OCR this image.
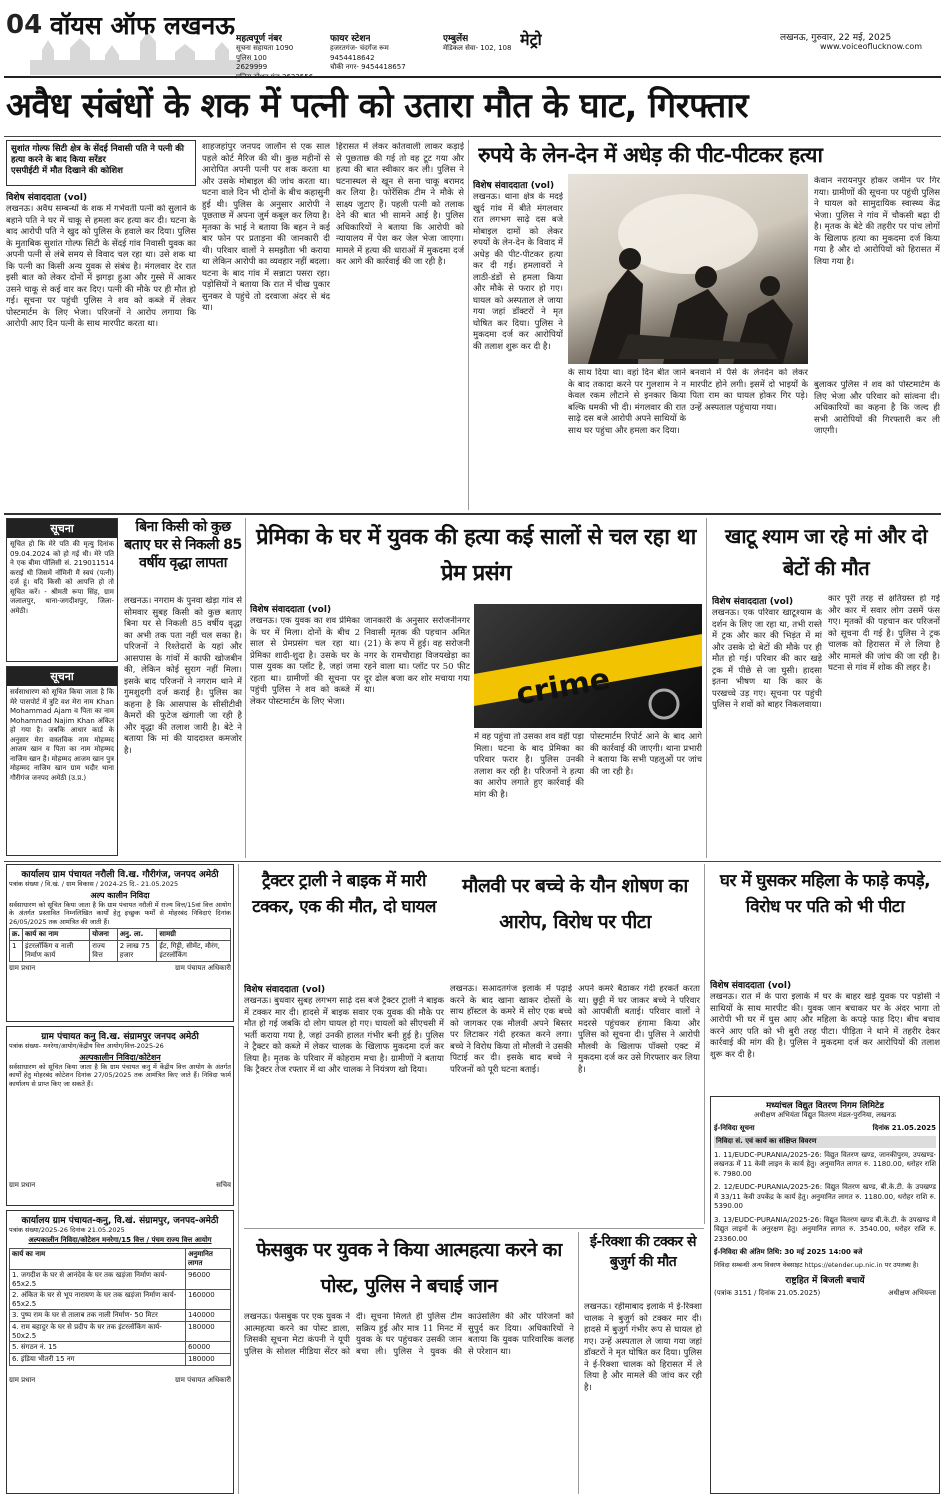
04 वॉयस ऑफ लखनऊ महत्वपूर्ण नंबर
सूचना सहायता 1090
पुलिस 100
2629999
फायर स्टेशन
हजरतगंज- चंदगेंज रूम
9454418642
चौकी नगर- 9454418657
एम्बुलेंस
मेडिकल सेवा- 102, 108 मेट्रो	लखनऊ, गुरुवार, 22 मई, 2025
www.voiceoflucknow.com
अवैध संबंधों के शक में पत्नी को उतारा मौत के घाट, गिरफ्तार
सुशांत गोल्फ सिटी क्षेत्र के सेंदई निवासी पति ने पत्नी की हत्या करने के बाद किया सरेंडर
एसपीईटी में मौत दिखाने की कोशिश
विशेष संवाददाता (vol)
लखनऊ। अवैध सम्बन्धों के शक में गर्भवती पत्नी को सुलाने के बहाने पति ने घर में चाकू से हमला कर हत्या कर दी। घटना के बाद आरोपी पति ने खुद को पुलिस के हवाले कर दिया। पुलिस के मुताबिक सुशांत गोल्फ सिटी के सेंदई गांव निवासी युवक का अपनी पत्नी से लंबे समय से विवाद चल रहा था। उसे शक था कि पत्नी का किसी अन्य युवक से संबंध है। मंगलवार देर रात इसी बात को लेकर दोनों में झगड़ा हुआ और गुस्से में आकर उसने चाकू से कई वार कर दिए। पत्नी की मौके पर ही मौत हो गई। सूचना पर पहुंची पुलिस ने शव को कब्जे में लेकर पोस्टमार्टम के लिए भेजा। परिजनों ने आरोप लगाया कि आरोपी आए दिन पत्नी के साथ मारपीट करता था।
शाहजहांपुर जनपद जालौन से एक साल पहले कोर्ट मैरिज की थी। कुछ महीनों से आरोपित अपनी पत्नी पर शक करता था और उसके मोबाइल की जांच करता था। घटना वाले दिन भी दोनों के बीच कहासुनी हुई थी। पुलिस के अनुसार आरोपी ने पूछताछ में अपना जुर्म कबूल कर लिया है। मृतका के भाई ने बताया कि बहन ने कई बार फोन पर प्रताड़ना की जानकारी दी थी। परिवार वालों ने समझौता भी कराया था लेकिन आरोपी का व्यवहार नहीं बदला। घटना के बाद गांव में सन्नाटा पसरा रहा। पड़ोसियों ने बताया कि रात में चीख पुकार सुनकर वे पहुंचे तो दरवाजा अंदर से बंद था।
हिरासत में लेकर कोतवाली लाकर कड़ाई से पूछताछ की गई तो वह टूट गया और हत्या की बात स्वीकार कर ली। पुलिस ने घटनास्थल से खून से सना चाकू बरामद कर लिया है। फोरेंसिक टीम ने मौके से साक्ष्य जुटाए हैं। पहली पत्नी को तलाक देने की बात भी सामने आई है। पुलिस अधिकारियों ने बताया कि आरोपी को न्यायालय में पेश कर जेल भेजा जाएगा। मामले में हत्या की धाराओं में मुकदमा दर्ज कर आगे की कार्रवाई की जा रही है।
रुपये के लेन-देन में अधेड़ की पीट-पीटकर हत्या
विशेष संवाददाता (vol)
लखनऊ। थाना क्षेत्र के मदई खुर्द गांव में बीते मंगलवार रात लगभग साढ़े दस बजे मोबाइल दामों को लेकर रुपयों के लेन-देन के विवाद में अधेड़ की पीट-पीटकर हत्या कर दी गई। हमलावरों ने लाठी-डंडों से हमला किया और मौके से फरार हो गए। घायल को अस्पताल ले जाया गया जहां डॉक्टरों ने मृत घोषित कर दिया। पुलिस ने मुकदमा दर्ज कर आरोपियों की तलाश शुरू कर दी है।
के साथ दिया था। वहां दिन बीत जाने के बाद तकादा करने पर गुलशाम ने न केवल रकम लौटाने से इनकार किया बल्कि धमकी भी दी। मंगलवार की रात साढ़े दस बजे आरोपी अपने साथियों के साथ घर पहुंचा और हमला कर दिया।
बनवाने में पैसे के लेनदेन को लेकर मारपीट होने लगी। इसमें दो भाइयों के पिता राम का घायल होकर गिर पड़े। उन्हें अस्पताल पहुंचाया गया।
केवान नरायनपुर होकर जमीन पर गिर गया। ग्रामीणों की सूचना पर पहुंची पुलिस ने घायल को सामुदायिक स्वास्थ्य केंद्र भेजा। पुलिस ने गांव में चौकसी बढ़ा दी है। मृतक के बेटे की तहरीर पर पांच लोगों के खिलाफ हत्या का मुकदमा दर्ज किया गया है और दो आरोपियों को हिरासत में लिया गया है।
बुलाकर पुलिस ने शव को पोस्टमार्टम के लिए भेजा और परिवार को सांत्वना दी। अधिकारियों का कहना है कि जल्द ही सभी आरोपियों की गिरफ्तारी कर ली जाएगी।
सूचना
सूचित हो कि मेरे पति की मृत्यु दिनांक 09.04.2024 को हो गई थी। मेरे पति ने एक बीमा पॉलिसी सं. 219011514 कराई थी जिसमें नॉमिनी मैं स्वयं (पत्नी) दर्ज हूं। यदि किसी को आपत्ति हो तो सूचित करें। - श्रीमती रूपा सिंह, ग्राम जलालपुर, थाना-जगदीशपुर, जिला-अमेठी।
सूचना
सर्वसाधारण को सूचित किया जाता है कि मेरे पासपोर्ट में त्रुटि वश मेरा नाम Khan Mohammad Ajam व पिता का नाम Mohammad Najim Khan अंकित हो गया है। जबकि आधार कार्ड के अनुसार मेरा वास्तविक नाम मोहम्मद आजम खान व पिता का नाम मोहम्मद नाजिम खान है। मोहम्मद आजम खान पुत्र मोहम्मद नाजिम खान ग्राम भदौर थाना गौरीगंज जनपद अमेठी (उ.प्र.)
बिना किसी को कुछ बताए घर से निकली 85 वर्षीय वृद्धा लापता
लखनऊ। नगराम के पुनवा खेड़ा गांव से सोमवार सुबह किसी को कुछ बताए बिना घर से निकली 85 वर्षीय वृद्धा का अभी तक पता नहीं चल सका है। परिजनों ने रिश्तेदारों के यहां और आसपास के गांवों में काफी खोजबीन की, लेकिन कोई सुराग नहीं मिला। इसके बाद परिजनों ने नगराम थाने में गुमशुदगी दर्ज कराई है। पुलिस का कहना है कि आसपास के सीसीटीवी कैमरों की फुटेज खंगाली जा रही है और वृद्धा की तलाश जारी है। बेटे ने बताया कि मां की याददाश्त कमजोर है।
प्रेमिका के घर में युवक की हत्या कई सालों से चल रहा था प्रेम प्रसंग
विशेष संवाददाता (vol)
लखनऊ। एक युवक का शव प्रेमिका के घर में मिला। दोनों के बीच 2 साल से प्रेमप्रसंग चल रहा था। प्रेमिका शादी-शुदा है। उसके घर के पास युवक का प्लॉट है, जहां जमा रहता था। ग्रामीणों की सूचना पर पहुंची पुलिस ने शव को कब्जे में लेकर पोस्टमार्टम के लिए भेजा।
जानकारी के अनुसार सरोजनीनगर निवासी मृतक की पहचान अमित (21) के रूप में हुई। वह सरोजनी नगर के रामचौराहा विजयखेड़ा का रहने वाला था। प्लॉट पर 50 फीट दूर ढोल बजा कर शोर मचाया गया था।	crime
में वह पहुंचा तो उसका शव वहीं पड़ा मिला। घटना के बाद प्रेमिका का परिवार फरार है। पुलिस उनकी तलाश कर रही है। परिजनों ने हत्या का आरोप लगाते हुए कार्रवाई की मांग की है।
पोस्टमार्टम रिपोर्ट आने के बाद आगे की कार्रवाई की जाएगी। थाना प्रभारी ने बताया कि सभी पहलुओं पर जांच की जा रही है।
खाटू श्याम जा रहे मां और दो बेटों की मौत
विशेष संवाददाता (vol)
लखनऊ। एक परिवार खाटूश्याम के दर्शन के लिए जा रहा था, तभी रास्ते में ट्रक और कार की भिड़ंत में मां और उसके दो बेटों की मौके पर ही मौत हो गई। परिवार की कार खड़े ट्रक में पीछे से जा घुसी। हादसा इतना भीषण था कि कार के परखच्चे उड़ गए। सूचना पर पहुंची पुलिस ने शवों को बाहर निकलवाया।
कार पूरी तरह से क्षतिग्रस्त हो गई और कार में सवार लोग उसमें फंस गए। मृतकों की पहचान कर परिजनों को सूचना दी गई है। पुलिस ने ट्रक चालक को हिरासत में ले लिया है और मामले की जांच की जा रही है। घटना से गांव में शोक की लहर है।
कार्यालय ग्राम पंचायत नरौली वि.ख. गौरीगंज, जनपद अमेठी
पत्रांक संख्या / वि.खं. / ग्राम विकास / 2024-25 दि.- 21.05.2025
अल्प कालीन निविदा
सर्वसाधारण को सूचित किया जाता है कि ग्राम पंचायत नरौली में राज्य वित्त/15वां वित्त आयोग के अंतर्गत प्रस्तावित निम्नलिखित कार्यों हेतु इच्छुक फर्मों से मोहरबंद निविदाएं दिनांक 26/05/2025 तक आमंत्रित की जाती हैं।
क्र.	कार्य का नाम	योजना	अनु. ला.	सामग्री
1	इंटरलॉकिंग व नाली निर्माण कार्य	राज्य वित्त	2 लाख 75 हजार	ईंट, गिट्टी, सीमेंट, मौरंग, इंटरलॉकिंग
ग्राम प्रधान	ग्राम पंचायत अधिकारी
ग्राम पंचायत कनु वि.ख. संग्रामपुर जनपद अमेठी
पत्रांक संख्या- मनरेगा/आयोग/केंद्रीय वित्त आयोग/वित्त-2025-26
अल्पकालीन निविदा/कोटेशन
सर्वसाधारण को सूचित किया जाता है कि ग्राम पंचायत कनु में केंद्रीय वित्त आयोग के अंतर्गत कार्यों हेतु मोहरबंद कोटेशन दिनांक 27/05/2025 तक आमंत्रित किए जाते हैं। निविदा फार्म कार्यालय से प्राप्त किए जा सकते हैं।
ग्राम प्रधान	सचिव
कार्यालय ग्राम पंचायत-कनु, वि.खं. संग्रामपुर, जनपद-अमेठी
पत्रांक संख्या/2025-26 दिनांक 21.05.2025
अल्पकालीन निविदा/कोटेशन मनरेगा/15 वित्त / पंचम राज्य वित्त आयोग
कार्य का नाम	अनुमानित लागत
1. जगदीश के घर से आनंदेव के घर तक खड़ंजा निर्माण कार्य- 65x2.5	96000
2. अंकित के घर से भूप नारायण के घर तक खड़ंजा निर्माण कार्य- 65x2.5	160000
3. पुष्प राम के घर से तालाब तक नाली निर्माण- 50 मिटर	140000
4. राम बहादुर के घर से प्रदीप के घर तक इंटरलॉकिंग कार्य- 50x2.5	180000
5. संगठन नं. 15	60000
6. इंडिया भीतरी 15 नग	180000
ग्राम प्रधान	ग्राम पंचायत अधिकारी
ट्रैक्टर ट्राली ने बाइक में मारी टक्कर, एक की मौत, दो घायल
विशेष संवाददाता (vol)
लखनऊ। बुधवार सुबह लगभग साढ़े दस बजे ट्रैक्टर ट्राली ने बाइक में टक्कर मार दी। हादसे में बाइक सवार एक युवक की मौके पर मौत हो गई जबकि दो लोग घायल हो गए। घायलों को सीएचसी में भर्ती कराया गया है, जहां उनकी हालत गंभीर बनी हुई है। पुलिस ने ट्रैक्टर को कब्जे में लेकर चालक के खिलाफ मुकदमा दर्ज कर लिया है। मृतक के परिवार में कोहराम मचा है। ग्रामीणों ने बताया कि ट्रैक्टर तेज रफ्तार में था और चालक ने नियंत्रण खो दिया।
मौलवी पर बच्चे के यौन शोषण का आरोप, विरोध पर पीटा
लखनऊ। सआदतगंज इलाके में पढ़ाई करने के बाद खाना खाकर दोस्तों के साथ हॉस्टल के कमरे में सोए एक बच्चे को जागकर एक मौलवी अपने बिस्तर पर लिटाकर गंदी हरकत करने लगा। बच्चे ने विरोध किया तो मौलवी ने उसकी पिटाई कर दी। इसके बाद बच्चे ने परिजनों को पूरी घटना बताई।
अपने कमरे बैठाकर गंदी हरकतें करता था। छुट्टी में घर जाकर बच्चे ने परिवार को आपबीती बताई। परिवार वालों ने मदरसे पहुंचकर हंगामा किया और पुलिस को सूचना दी। पुलिस ने आरोपी मौलवी के खिलाफ पॉक्सो एक्ट में मुकदमा दर्ज कर उसे गिरफ्तार कर लिया है।
घर में घुसकर महिला के फाड़े कपड़े, विरोध पर पति को भी पीटा
विशेष संवाददाता (vol)
लखनऊ। रात में के पारा इलाके में घर के बाहर खड़े युवक पर पड़ोसी ने साथियों के साथ मारपीट की। युवक जान बचाकर घर के अंदर भागा तो आरोपी भी घर में घुस आए और महिला के कपड़े फाड़ दिए। बीच बचाव करने आए पति को भी बुरी तरह पीटा। पीड़िता ने थाने में तहरीर देकर कार्रवाई की मांग की है। पुलिस ने मुकदमा दर्ज कर आरोपियों की तलाश शुरू कर दी है।
मध्यांचल विद्युत वितरण निगम लिमिटेड
अधीक्षण अभियंता विद्युत वितरण मंडल-पुरनिया, लखनऊ
ई-निविदा सूचना	दिनांक 21.05.2025
निविदा सं. एवं कार्य का संक्षिप्त विवरण
1. 11/EUDC-PURANIA/2025-26: विद्युत वितरण खण्ड, जानकीपुरम, उपखण्ड-लखनऊ में 11 केवी लाइन के कार्य हेतु। अनुमानित लागत रु. 1180.00, धरोहर राशि रु. 7980.00
2. 12/EUDC-PURANIA/2025-26: विद्युत वितरण खण्ड, बी.के.टी. के उपखण्ड में 33/11 केवी उपकेंद्र के कार्य हेतु। अनुमानित लागत रु. 1180.00, धरोहर राशि रु. 5390.00
3. 13/EUDC-PURANIA/2025-26: विद्युत वितरण खण्ड बी.के.टी. के उपखण्ड में विद्युत लाइनों के अनुरक्षण हेतु। अनुमानित लागत रु. 3540.00, धरोहर राशि रु. 23360.00
ई-निविदा की अंतिम तिथि: 30 मई 2025 14:00 बजे
निविदा सम्बन्धी अन्य विवरण वेबसाइट https://etender.up.nic.in पर उपलब्ध है।
राष्ट्रहित में बिजली बचायें
(पत्रांक 3151 / दिनांक 21.05.2025)	अधीक्षण अभियन्ता
फेसबुक पर युवक ने किया आत्महत्या करने का पोस्ट, पुलिस ने बचाई जान
लखनऊ। फेसबुक पर एक युवक ने आत्महत्या करने का पोस्ट डाला, जिसकी सूचना मेटा कंपनी ने यूपी पुलिस के सोशल मीडिया सेंटर को दी। सूचना मिलते ही पुलिस टीम सक्रिय हुई और मात्र 11 मिनट में युवक के घर पहुंचकर उसकी जान बचा ली। पुलिस ने युवक की काउंसलिंग की और परिजनों को सुपुर्द कर दिया। अधिकारियों ने बताया कि युवक पारिवारिक कलह से परेशान था।
ई-रिक्शा की टक्कर से बुजुर्ग की मौत
लखनऊ। रहीमाबाद इलाके में ई-रिक्शा चालक ने बुजुर्ग को टक्कर मार दी। हादसे में बुजुर्ग गंभीर रूप से घायल हो गए। उन्हें अस्पताल ले जाया गया जहां डॉक्टरों ने मृत घोषित कर दिया। पुलिस ने ई-रिक्शा चालक को हिरासत में ले लिया है और मामले की जांच कर रही है।
